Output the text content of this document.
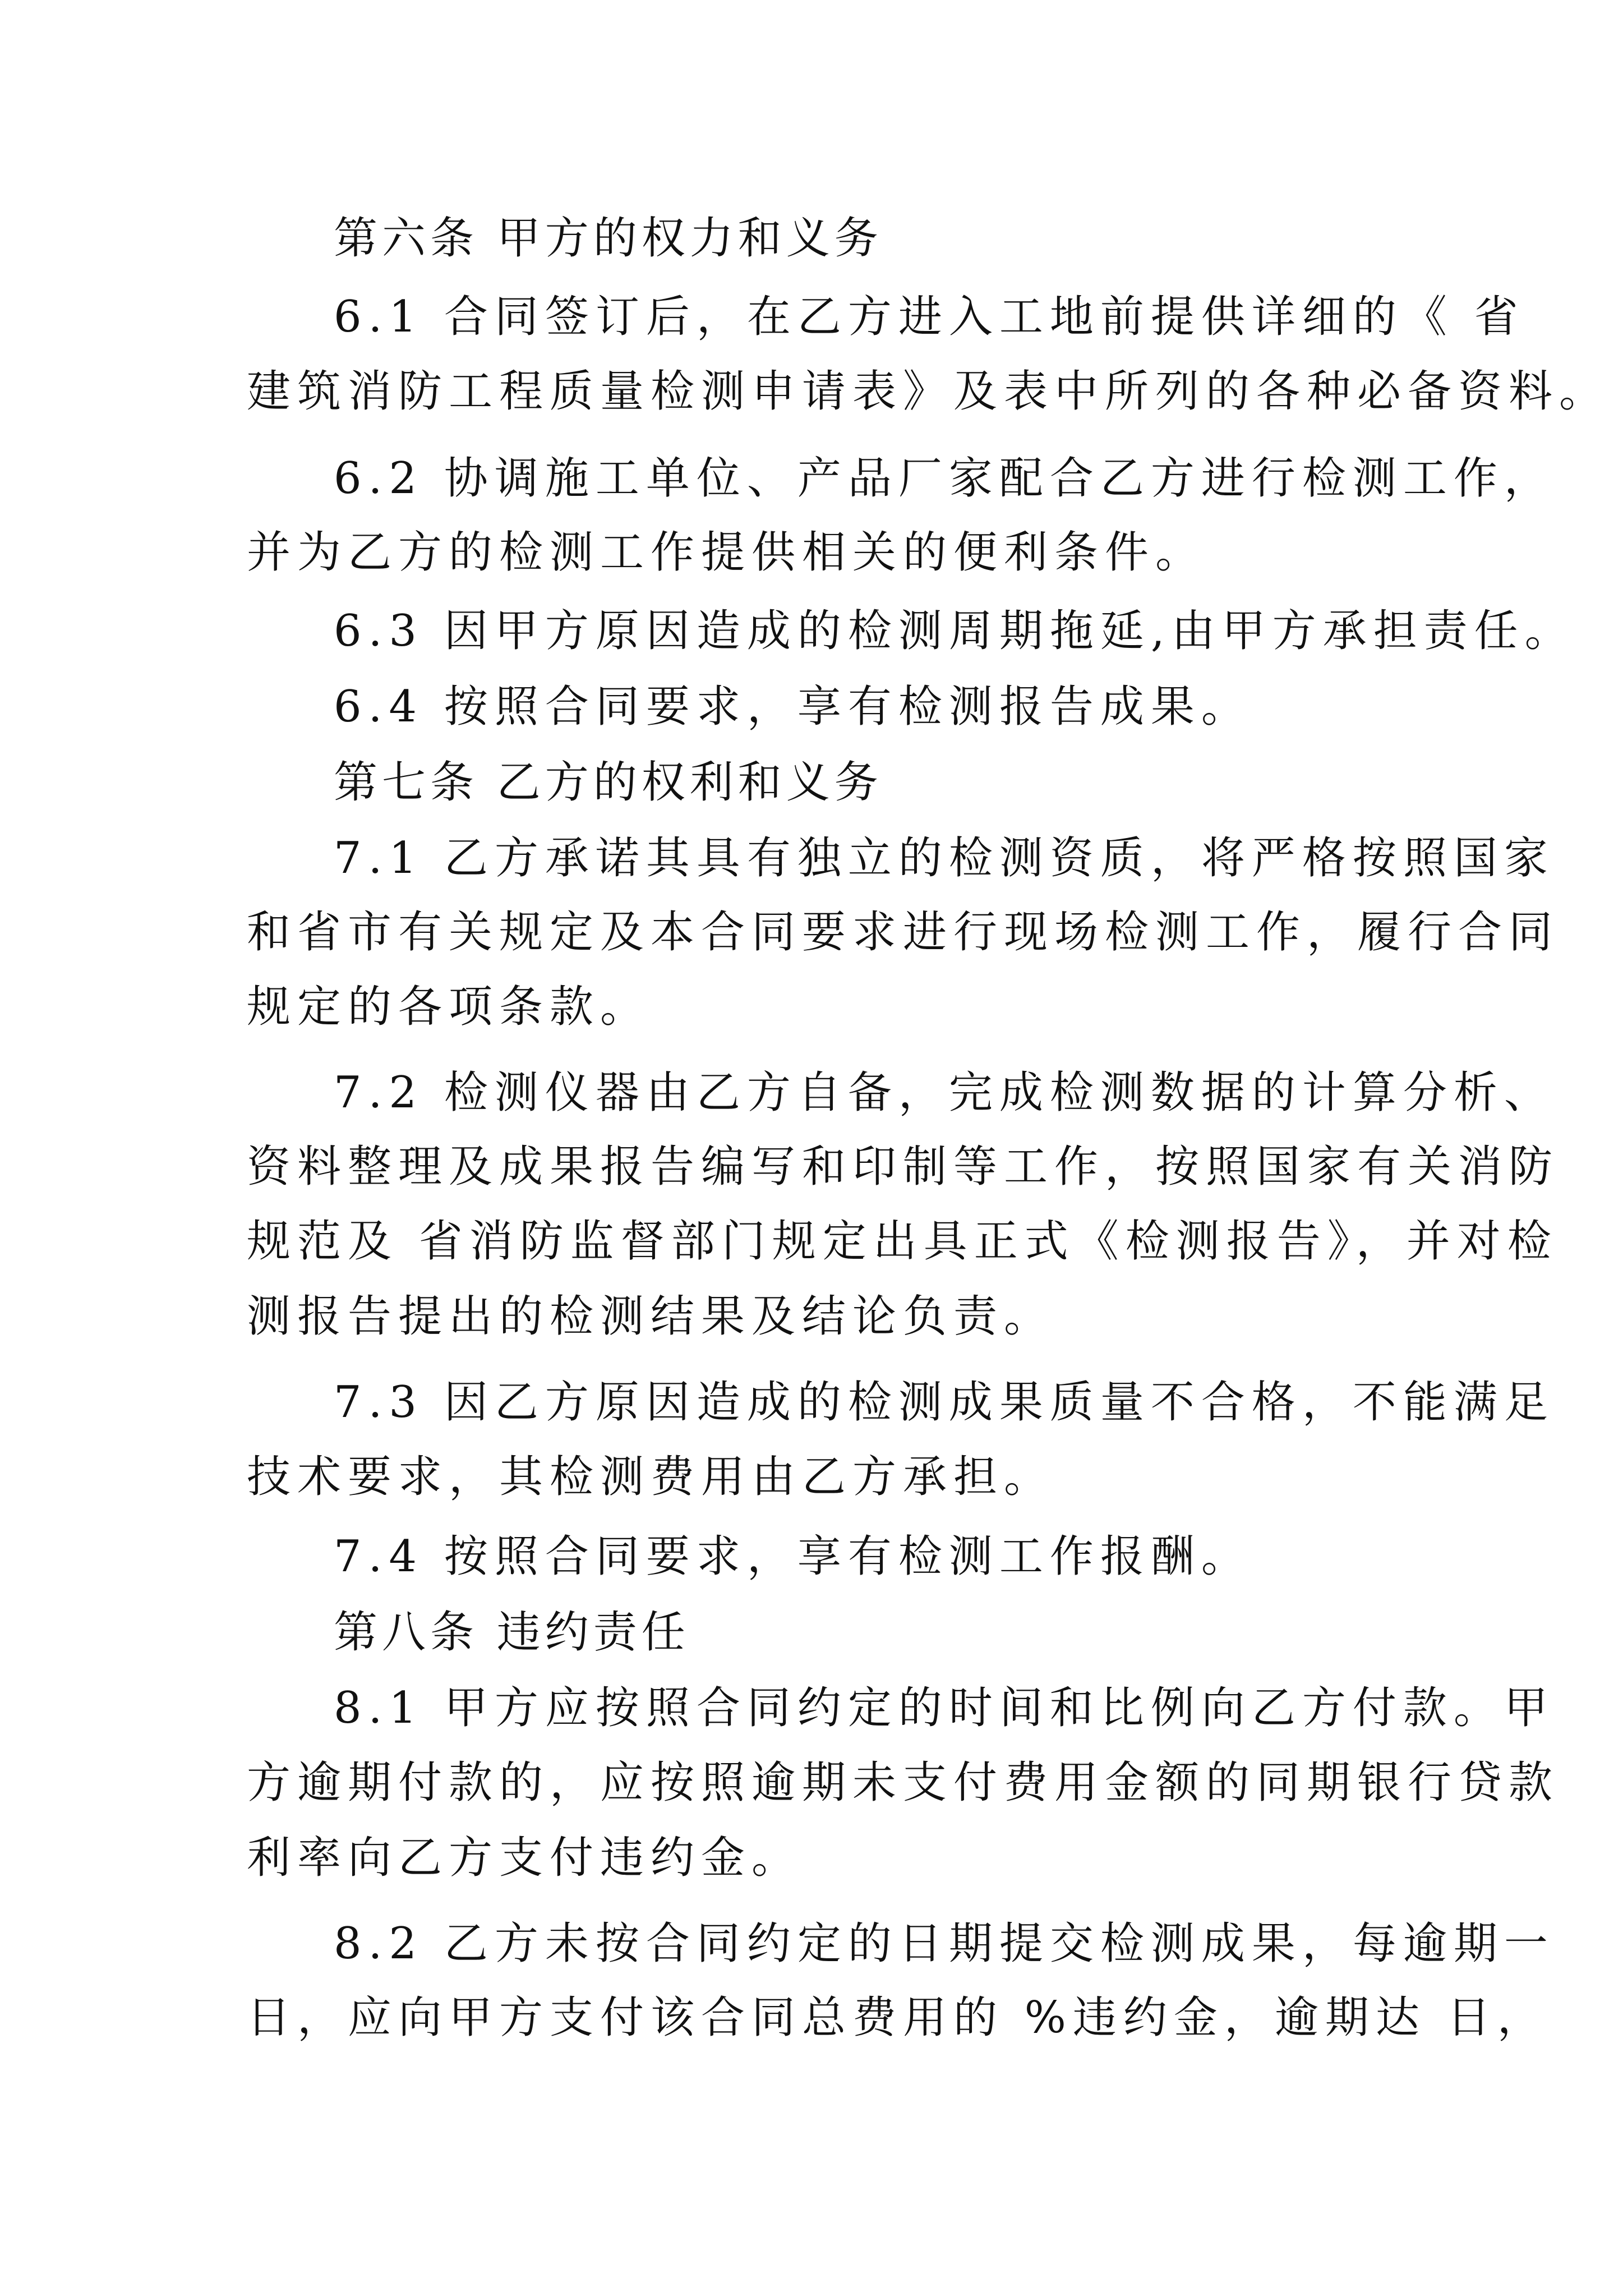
第六条 甲方的权力和义务
6.1 合同签订后，在乙方进入工地前提供详细的《 省
建筑消防工程质量检测申请表》及表中所列的各种必备资料。
6.2 协调施工单位、产品厂家配合乙方进行检测工作，
并为乙方的检测工作提供相关的便利条件。
6.3 因甲方原因造成的检测周期拖延,由甲方承担责任。
6.4 按照合同要求，享有检测报告成果。
第七条 乙方的权利和义务
7.1 乙方承诺其具有独立的检测资质，将严格按照国家
和省市有关规定及本合同要求进行现场检测工作，履行合同
规定的各项条款。
7.2 检测仪器由乙方自备，完成检测数据的计算分析、
资料整理及成果报告编写和印制等工作，按照国家有关消防
规范及 省消防监督部门规定出具正式《检测报告》，并对检
测报告提出的检测结果及结论负责。
7.3 因乙方原因造成的检测成果质量不合格，不能满足
技术要求，其检测费用由乙方承担。
7.4 按照合同要求，享有检测工作报酬。
第八条 违约责任
8.1 甲方应按照合同约定的时间和比例向乙方付款。甲
方逾期付款的，应按照逾期未支付费用金额的同期银行贷款
利率向乙方支付违约金。
8.2 乙方未按合同约定的日期提交检测成果，每逾期一
日，应向甲方支付该合同总费用的 %违约金，逾期达 日，
